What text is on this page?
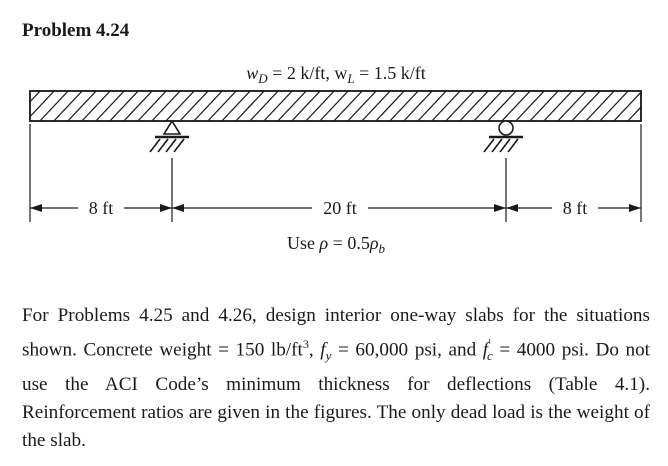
Problem 4.24
$w_D = 2$ k/ft, $w_L = 1.5$ k/ft
8 ft	20 ft	8 ft
Use $\rho = 0.5\rho_b$
For Problems 4.25 and 4.26, design interior one-way slabs for the situations shown. Concrete weight = 150 $lb/ft^3$, $f_y = 60,000$ psi, and $f'_c = 4000$ psi. Do not use the ACI Code’s minimum thickness for deflections (Table 4.1). Reinforcement ratios are given in the figures. The only dead load is the weight of the slab.
